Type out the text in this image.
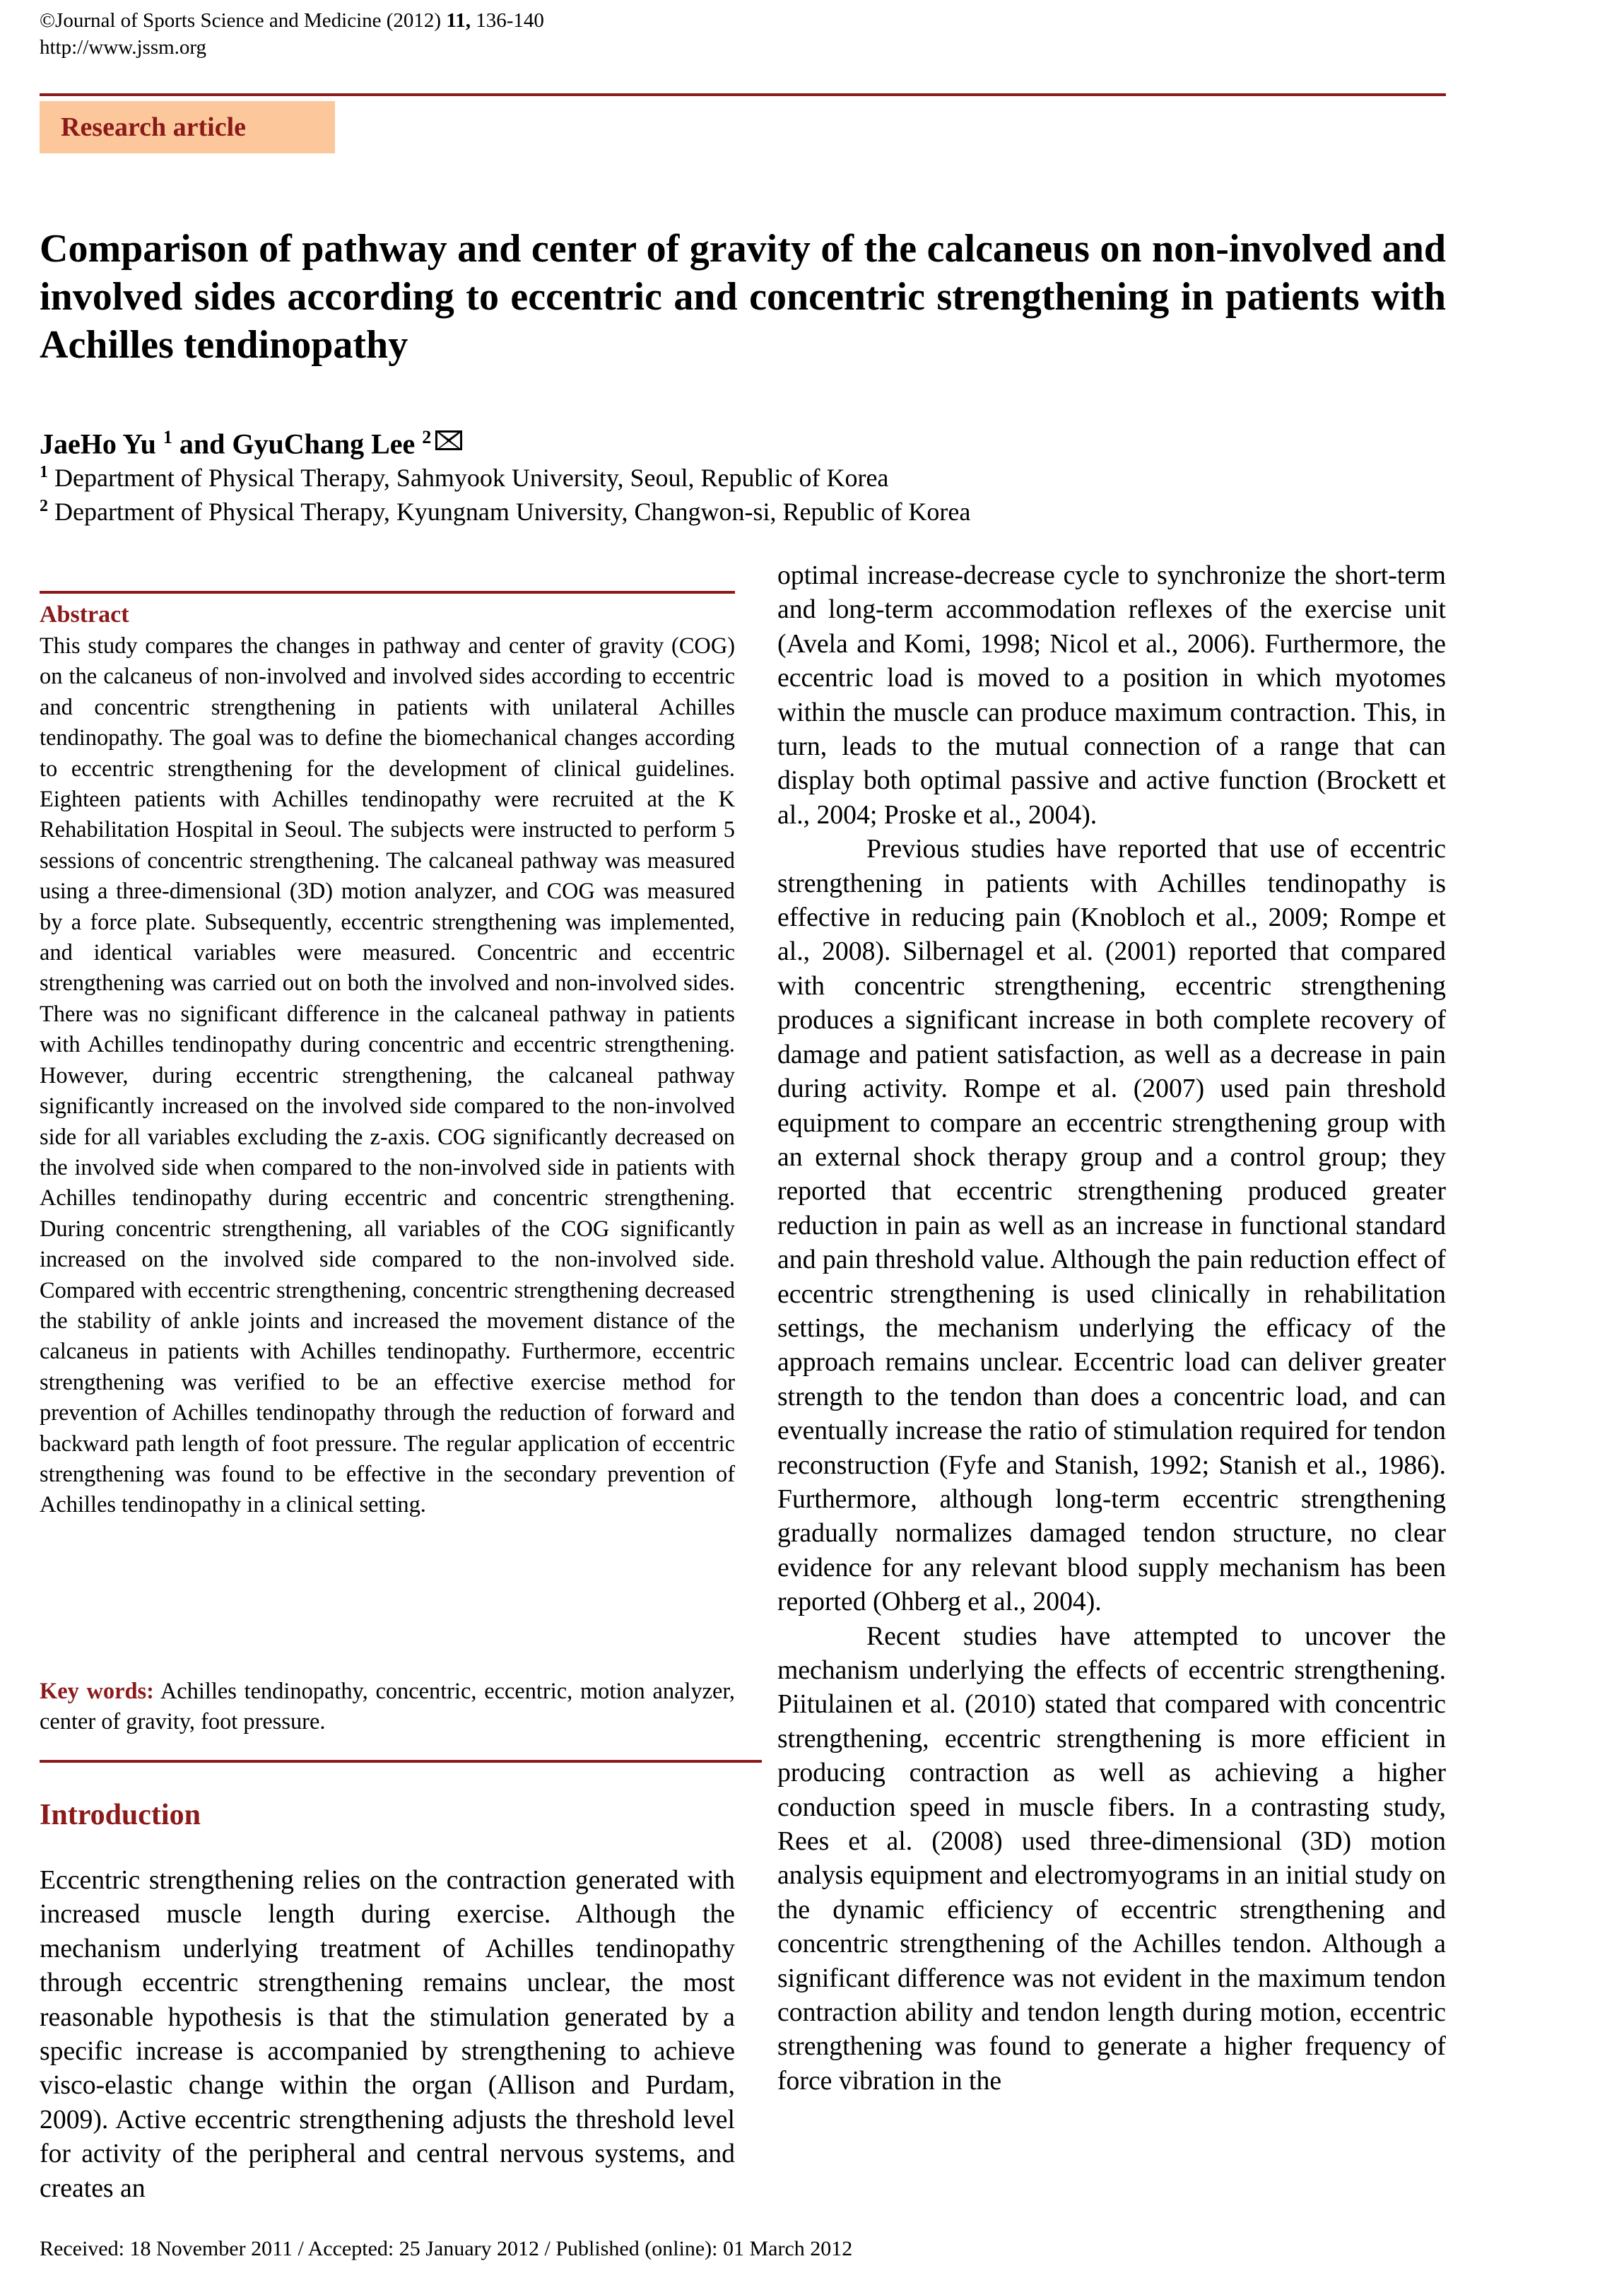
©Journal of Sports Science and Medicine (2012) 11, 136-140
http://www.jssm.org
Research article
Comparison of pathway and center of gravity of the calcaneus on non-involved and involved sides according to eccentric and concentric strengthening in patients with Achilles tendinopathy
JaeHo Yu $^1$ and GyuChang Lee $^2$
$^1$ Department of Physical Therapy, Sahmyook University, Seoul, Republic of Korea
$^2$ Department of Physical Therapy, Kyungnam University, Changwon-si, Republic of Korea
Abstract
This study compares the changes in pathway and center of gravity (COG) on the calcaneus of non-involved and involved sides according to eccentric and concentric strengthening in patients with unilateral Achilles tendinopathy. The goal was to define the biomechanical changes according to eccentric strengthening for the development of clinical guidelines. Eighteen patients with Achilles tendinopathy were recruited at the K Rehabilitation Hospital in Seoul. The subjects were instructed to perform 5 sessions of concentric strengthening. The calcaneal pathway was measured using a three-dimensional (3D) motion analyzer, and COG was measured by a force plate. Subsequently, eccentric strengthening was implemented, and identical variables were measured. Concentric and eccentric strengthening was carried out on both the involved and non-involved sides. There was no significant difference in the calcaneal pathway in patients with Achilles tendinopathy during concentric and eccentric strengthening. However, during eccentric strengthening, the calcaneal pathway significantly increased on the involved side compared to the non-involved side for all variables excluding the z-axis. COG significantly decreased on the involved side when compared to the non-involved side in patients with Achilles tendinopathy during eccentric and concentric strengthening. During concentric strengthening, all variables of the COG significantly increased on the involved side compared to the non-involved side. Compared with eccentric strengthening, concentric strengthening decreased the stability of ankle joints and increased the movement distance of the calcaneus in patients with Achilles tendinopathy. Furthermore, eccentric strengthening was verified to be an effective exercise method for prevention of Achilles tendinopathy through the reduction of forward and backward path length of foot pressure. The regular application of eccentric strengthening was found to be effective in the secondary prevention of Achilles tendinopathy in a clinical setting.
Key words: Achilles tendinopathy, concentric, eccentric, motion analyzer, center of gravity, foot pressure.
Introduction
Eccentric strengthening relies on the contraction generated with increased muscle length during exercise. Although the mechanism underlying treatment of Achilles tendinopathy through eccentric strengthening remains unclear, the most reasonable hypothesis is that the stimulation generated by a specific increase is accompanied by strengthening to achieve visco-elastic change within the organ (Allison and Purdam, 2009). Active eccentric strengthening adjusts the threshold level for activity of the peripheral and central nervous systems, and creates an

optimal increase-decrease cycle to synchronize the short-term and long-term accommodation reflexes of the exercise unit (Avela and Komi, 1998; Nicol et al., 2006). Furthermore, the eccentric load is moved to a position in which myotomes within the muscle can produce maximum contraction. This, in turn, leads to the mutual connection of a range that can display both optimal passive and active function (Brockett et al., 2004; Proske et al., 2004).

Previous studies have reported that use of eccentric strengthening in patients with Achilles tendinopathy is effective in reducing pain (Knobloch et al., 2009; Rompe et al., 2008). Silbernagel et al. (2001) reported that compared with concentric strengthening, eccentric strengthening produces a significant increase in both complete recovery of damage and patient satisfaction, as well as a decrease in pain during activity. Rompe et al. (2007) used pain threshold equipment to compare an eccentric strengthening group with an external shock therapy group and a control group; they reported that eccentric strengthening produced greater reduction in pain as well as an increase in functional standard and pain threshold value. Although the pain reduction effect of eccentric strengthening is used clinically in rehabilitation settings, the mechanism underlying the efficacy of the approach remains unclear. Eccentric load can deliver greater strength to the tendon than does a concentric load, and can eventually increase the ratio of stimulation required for tendon reconstruction (Fyfe and Stanish, 1992; Stanish et al., 1986). Furthermore, although long-term eccentric strengthening gradually normalizes damaged tendon structure, no clear evidence for any relevant blood supply mechanism has been reported (Ohberg et al., 2004).

Recent studies have attempted to uncover the mechanism underlying the effects of eccentric strengthening. Piitulainen et al. (2010) stated that compared with concentric strengthening, eccentric strengthening is more efficient in producing contraction as well as achieving a higher conduction speed in muscle fibers. In a contrasting study, Rees et al. (2008) used three-dimensional (3D) motion analysis equipment and electromyograms in an initial study on the dynamic efficiency of eccentric strengthening and concentric strengthening of the Achilles tendon. Although a significant difference was not evident in the maximum tendon contraction ability and tendon length during motion, eccentric strengthening was found to generate a higher frequency of force vibration in the

Received: 18 November 2011 / Accepted: 25 January 2012 / Published (online): 01 March 2012
